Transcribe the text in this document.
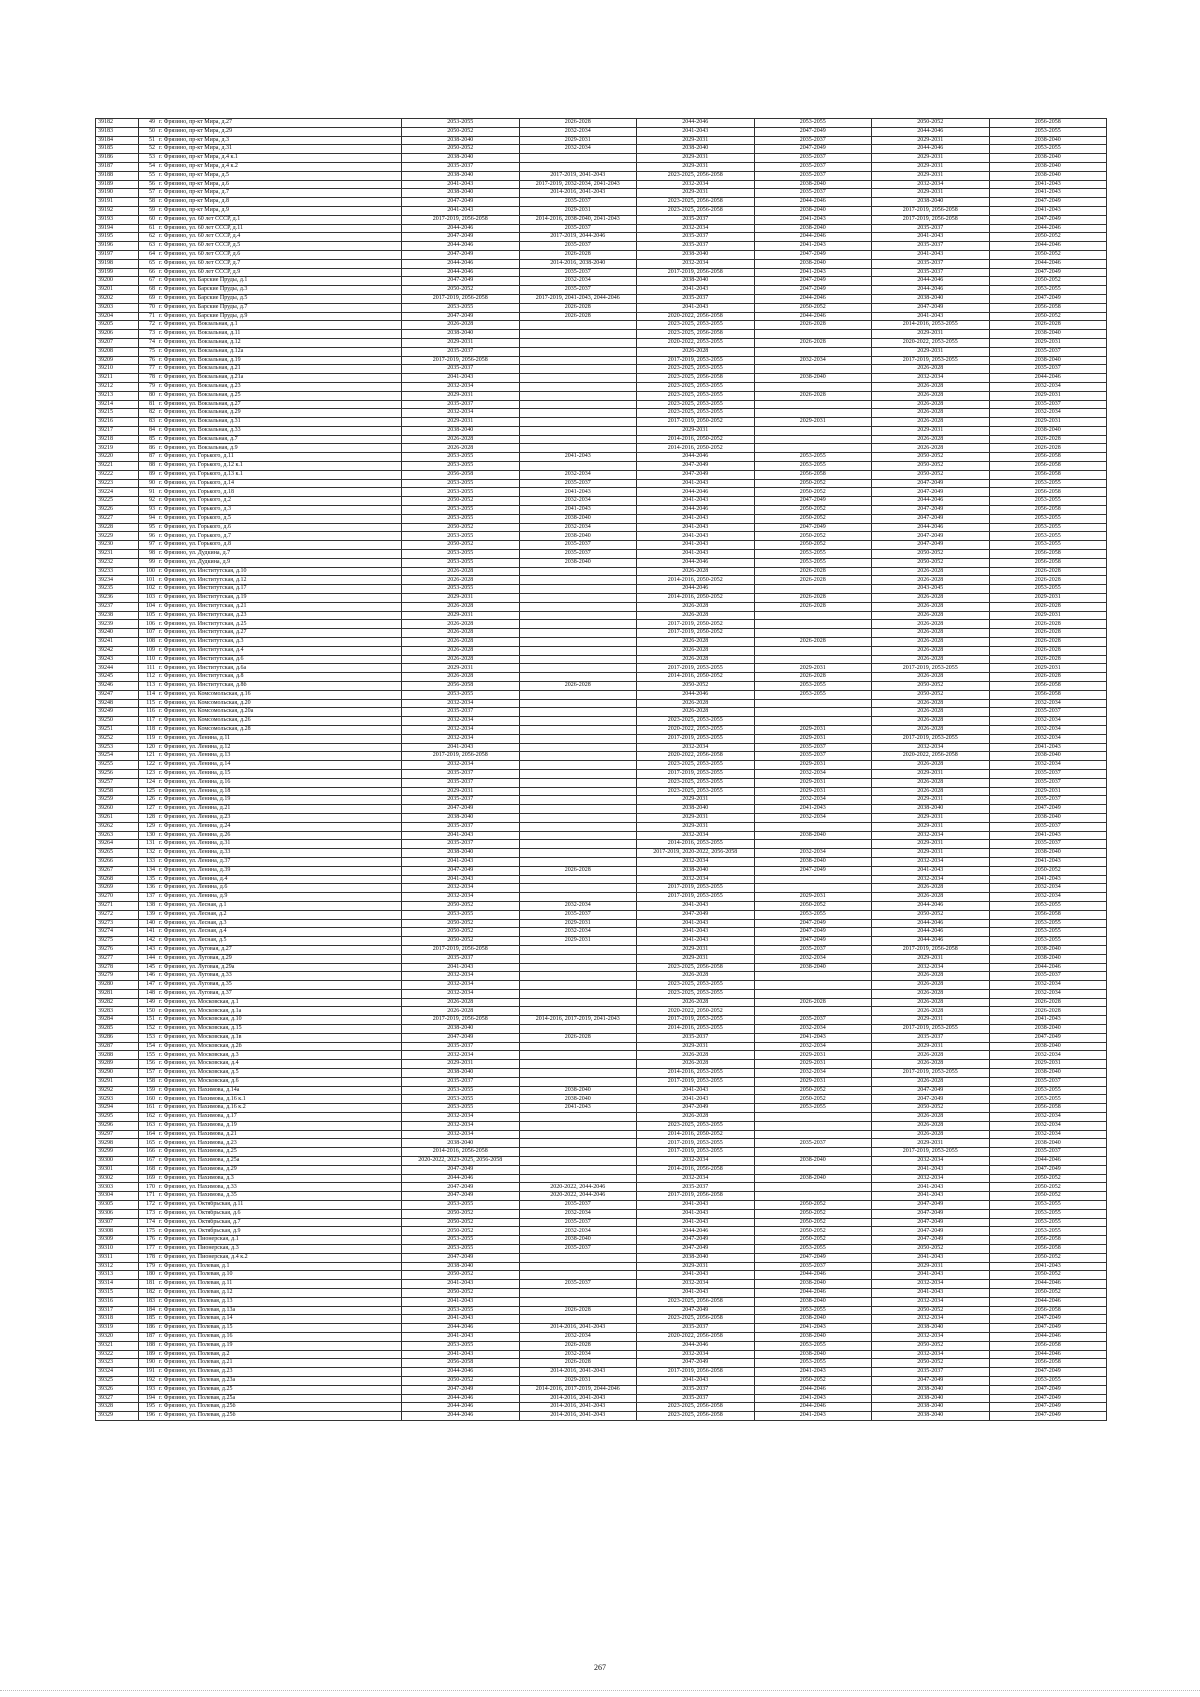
39182	49	г. Фрязино, пр-кт Мира, д.27	2053-2055	2026-2028	2044-2046	2053-2055	2050-2052	2056-2058
39183	50	г. Фрязино, пр-кт Мира, д.29	2050-2052	2032-2034	2041-2043	2047-2049	2044-2046	2053-2055
39184	51	г. Фрязино, пр-кт Мира, д.3	2038-2040	2029-2031	2029-2031	2035-2037	2029-2031	2038-2040
39185	52	г. Фрязино, пр-кт Мира, д.31	2050-2052	2032-2034	2038-2040	2047-2049	2044-2046	2053-2055
39186	53	г. Фрязино, пр-кт Мира, д.4 к.1	2038-2040		2029-2031	2035-2037	2029-2031	2038-2040
39187	54	г. Фрязино, пр-кт Мира, д.4 к.2	2035-2037		2029-2031	2035-2037	2029-2031	2038-2040
39188	55	г. Фрязино, пр-кт Мира, д.5	2038-2040	2017-2019, 2041-2043	2023-2025, 2056-2058	2035-2037	2029-2031	2038-2040
39189	56	г. Фрязино, пр-кт Мира, д.6	2041-2043	2017-2019, 2032-2034, 2041-2043	2032-2034	2038-2040	2032-2034	2041-2043
39190	57	г. Фрязино, пр-кт Мира, д.7	2038-2040	2014-2016, 2041-2043	2029-2031	2035-2037	2029-2031	2041-2043
39191	58	г. Фрязино, пр-кт Мира, д.8	2047-2049	2035-2037	2023-2025, 2056-2058	2044-2046	2038-2040	2047-2049
39192	59	г. Фрязино, пр-кт Мира, д.9	2041-2043	2029-2031	2023-2025, 2056-2058	2038-2040	2017-2019, 2056-2058	2041-2043
39193	60	г. Фрязино, ул. 60 лет СССР, д.1	2017-2019, 2056-2058	2014-2016, 2038-2040, 2041-2043	2035-2037	2041-2043	2017-2019, 2056-2058	2047-2049
39194	61	г. Фрязино, ул. 60 лет СССР, д.11	2044-2046	2035-2037	2032-2034	2038-2040	2035-2037	2044-2046
39195	62	г. Фрязино, ул. 60 лет СССР, д.4	2047-2049	2017-2019, 2044-2046	2035-2037	2044-2046	2041-2043	2050-2052
39196	63	г. Фрязино, ул. 60 лет СССР, д.5	2044-2046	2035-2037	2035-2037	2041-2043	2035-2037	2044-2046
39197	64	г. Фрязино, ул. 60 лет СССР, д.6	2047-2049	2026-2028	2038-2040	2047-2049	2041-2043	2050-2052
39198	65	г. Фрязино, ул. 60 лет СССР, д.7	2044-2046	2014-2016, 2038-2040	2032-2034	2038-2040	2035-2037	2044-2046
39199	66	г. Фрязино, ул. 60 лет СССР, д.9	2044-2046	2035-2037	2017-2019, 2056-2058	2041-2043	2035-2037	2047-2049
39200	67	г. Фрязино, ул. Барские Пруды, д.1	2047-2049	2032-2034	2038-2040	2047-2049	2044-2046	2050-2052
39201	68	г. Фрязино, ул. Барские Пруды, д.3	2050-2052	2035-2037	2041-2043	2047-2049	2044-2046	2053-2055
39202	69	г. Фрязино, ул. Барские Пруды, д.5	2017-2019, 2056-2058	2017-2019, 2041-2043, 2044-2046	2035-2037	2044-2046	2038-2040	2047-2049
39203	70	г. Фрязино, ул. Барские Пруды, д.7	2053-2055	2026-2028	2041-2043	2050-2052	2047-2049	2056-2058
39204	71	г. Фрязино, ул. Барские Пруды, д.9	2047-2049	2026-2028	2020-2022, 2056-2058	2044-2046	2041-2043	2050-2052
39205	72	г. Фрязино, ул. Вокзальная, д.1	2026-2028		2023-2025, 2053-2055	2026-2028	2014-2016, 2053-2055	2026-2028
39206	73	г. Фрязино, ул. Вокзальная, д.11	2038-2040		2023-2025, 2056-2058		2029-2031	2038-2040
39207	74	г. Фрязино, ул. Вокзальная, д.12	2029-2031		2020-2022, 2053-2055	2026-2028	2020-2022, 2053-2055	2029-2031
39208	75	г. Фрязино, ул. Вокзальная, д.12а	2035-2037		2026-2028		2029-2031	2035-2037
39209	76	г. Фрязино, ул. Вокзальная, д.19	2017-2019, 2056-2058		2017-2019, 2053-2055	2032-2034	2017-2019, 2053-2055	2038-2040
39210	77	г. Фрязино, ул. Вокзальная, д.21	2035-2037		2023-2025, 2053-2055		2026-2028	2035-2037
39211	78	г. Фрязино, ул. Вокзальная, д.21а	2041-2043		2023-2025, 2056-2058	2038-2040	2032-2034	2044-2046
39212	79	г. Фрязино, ул. Вокзальная, д.23	2032-2034		2023-2025, 2053-2055		2026-2028	2032-2034
39213	80	г. Фрязино, ул. Вокзальная, д.25	2029-2031		2023-2025, 2053-2055	2026-2028	2026-2028	2029-2031
39214	81	г. Фрязино, ул. Вокзальная, д.27	2035-2037		2023-2025, 2053-2055		2026-2028	2035-2037
39215	82	г. Фрязино, ул. Вокзальная, д.29	2032-2034		2023-2025, 2053-2055		2026-2028	2032-2034
39216	83	г. Фрязино, ул. Вокзальная, д.31	2029-2031		2017-2019, 2050-2052	2029-2031	2026-2028	2029-2031
39217	84	г. Фрязино, ул. Вокзальная, д.33	2038-2040		2029-2031		2029-2031	2038-2040
39218	85	г. Фрязино, ул. Вокзальная, д.7	2026-2028		2014-2016, 2050-2052		2026-2028	2026-2028
39219	86	г. Фрязино, ул. Вокзальная, д.9	2026-2028		2014-2016, 2050-2052		2026-2028	2026-2028
39220	87	г. Фрязино, ул. Горького, д.11	2053-2055	2041-2043	2044-2046	2053-2055	2050-2052	2056-2058
39221	88	г. Фрязино, ул. Горького, д.12 к.1	2053-2055		2047-2049	2053-2055	2050-2052	2056-2058
39222	89	г. Фрязино, ул. Горького, д.13 к.1	2056-2058	2032-2034	2047-2049	2056-2058	2050-2052	2056-2058
39223	90	г. Фрязино, ул. Горького, д.14	2053-2055	2035-2037	2041-2043	2050-2052	2047-2049	2053-2055
39224	91	г. Фрязино, ул. Горького, д.18	2053-2055	2041-2043	2044-2046	2050-2052	2047-2049	2056-2058
39225	92	г. Фрязино, ул. Горького, д.2	2050-2052	2032-2034	2041-2043	2047-2049	2044-2046	2053-2055
39226	93	г. Фрязино, ул. Горького, д.3	2053-2055	2041-2043	2044-2046	2050-2052	2047-2049	2056-2058
39227	94	г. Фрязино, ул. Горького, д.5	2053-2055	2038-2040	2041-2043	2050-2052	2047-2049	2053-2055
39228	95	г. Фрязино, ул. Горького, д.6	2050-2052	2032-2034	2041-2043	2047-2049	2044-2046	2053-2055
39229	96	г. Фрязино, ул. Горького, д.7	2053-2055	2038-2040	2041-2043	2050-2052	2047-2049	2053-2055
39230	97	г. Фрязино, ул. Горького, д.8	2050-2052	2035-2037	2041-2043	2050-2052	2047-2049	2053-2055
39231	98	г. Фрязино, ул. Дудкина, д.7	2053-2055	2035-2037	2041-2043	2053-2055	2050-2052	2056-2058
39232	99	г. Фрязино, ул. Дудкина, д.9	2053-2055	2038-2040	2044-2046	2053-2055	2050-2052	2056-2058
39233	100	г. Фрязино, ул. Институтская, д.10	2026-2028		2026-2028	2026-2028	2026-2028	2026-2028
39234	101	г. Фрязино, ул. Институтская, д.12	2026-2028		2014-2016, 2050-2052	2026-2028	2026-2028	2026-2028
39235	102	г. Фрязино, ул. Институтская, д.17	2053-2055		2044-2046		2043-2045	2053-2055
39236	103	г. Фрязино, ул. Институтская, д.19	2029-2031		2014-2016, 2050-2052	2026-2028	2026-2028	2029-2031
39237	104	г. Фрязино, ул. Институтская, д.21	2026-2028		2026-2028	2026-2028	2026-2028	2026-2028
39238	105	г. Фрязино, ул. Институтская, д.23	2029-2031		2026-2028		2026-2028	2029-2031
39239	106	г. Фрязино, ул. Институтская, д.25	2026-2028		2017-2019, 2050-2052		2026-2028	2026-2028
39240	107	г. Фрязино, ул. Институтская, д.27	2026-2028		2017-2019, 2050-2052		2026-2028	2026-2028
39241	108	г. Фрязино, ул. Институтская, д.3	2026-2028		2026-2028	2026-2028	2026-2028	2026-2028
39242	109	г. Фрязино, ул. Институтская, д.4	2026-2028		2026-2028		2026-2028	2026-2028
39243	110	г. Фрязино, ул. Институтская, д.6	2026-2028		2026-2028		2026-2028	2026-2028
39244	111	г. Фрязино, ул. Институтская, д.6а	2029-2031		2017-2019, 2053-2055	2029-2031	2017-2019, 2053-2055	2029-2031
39245	112	г. Фрязино, ул. Институтская, д.8	2026-2028		2014-2016, 2050-2052	2026-2028	2026-2028	2026-2028
39246	113	г. Фрязино, ул. Институтская, д.8б	2056-2058	2026-2028	2050-2052	2053-2055	2050-2052	2056-2058
39247	114	г. Фрязино, ул. Комсомольская, д.16	2053-2055		2044-2046	2053-2055	2050-2052	2056-2058
39248	115	г. Фрязино, ул. Комсомольская, д.20	2032-2034		2026-2028		2026-2028	2032-2034
39249	116	г. Фрязино, ул. Комсомольская, д.20а	2035-2037		2026-2028		2026-2028	2035-2037
39250	117	г. Фрязино, ул. Комсомольская, д.26	2032-2034		2023-2025, 2053-2055		2026-2028	2032-2034
39251	118	г. Фрязино, ул. Комсомольская, д.28	2032-2034		2020-2022, 2053-2055	2029-2031	2026-2028	2032-2034
39252	119	г. Фрязино, ул. Ленина, д.11	2032-2034		2017-2019, 2053-2055	2029-2031	2017-2019, 2053-2055	2032-2034
39253	120	г. Фрязино, ул. Ленина, д.12	2041-2043		2032-2034	2035-2037	2032-2034	2041-2043
39254	121	г. Фрязино, ул. Ленина, д.13	2017-2019, 2056-2058		2020-2022, 2056-2058	2035-2037	2020-2022, 2056-2058	2038-2040
39255	122	г. Фрязино, ул. Ленина, д.14	2032-2034		2023-2025, 2053-2055	2029-2031	2026-2028	2032-2034
39256	123	г. Фрязино, ул. Ленина, д.15	2035-2037		2017-2019, 2053-2055	2032-2034	2029-2031	2035-2037
39257	124	г. Фрязино, ул. Ленина, д.16	2035-2037		2023-2025, 2053-2055	2029-2031	2026-2028	2035-2037
39258	125	г. Фрязино, ул. Ленина, д.18	2029-2031		2023-2025, 2053-2055	2029-2031	2026-2028	2029-2031
39259	126	г. Фрязино, ул. Ленина, д.19	2035-2037		2029-2031	2032-2034	2029-2031	2035-2037
39260	127	г. Фрязино, ул. Ленина, д.21	2047-2049		2038-2040	2041-2043	2038-2040	2047-2049
39261	128	г. Фрязино, ул. Ленина, д.23	2038-2040		2029-2031	2032-2034	2029-2031	2038-2040
39262	129	г. Фрязино, ул. Ленина, д.24	2035-2037		2029-2031		2029-2031	2035-2037
39263	130	г. Фрязино, ул. Ленина, д.26	2041-2043		2032-2034	2038-2040	2032-2034	2041-2043
39264	131	г. Фрязино, ул. Ленина, д.31	2035-2037		2014-2016, 2053-2055		2029-2031	2035-2037
39265	132	г. Фрязино, ул. Ленина, д.33	2038-2040		2017-2019, 2020-2022, 2056-2058	2032-2034	2029-2031	2038-2040
39266	133	г. Фрязино, ул. Ленина, д.37	2041-2043		2032-2034	2038-2040	2032-2034	2041-2043
39267	134	г. Фрязино, ул. Ленина, д.39	2047-2049	2026-2028	2038-2040	2047-2049	2041-2043	2050-2052
39268	135	г. Фрязино, ул. Ленина, д.4	2041-2043		2032-2034		2032-2034	2041-2043
39269	136	г. Фрязино, ул. Ленина, д.6	2032-2034		2017-2019, 2053-2055		2026-2028	2032-2034
39270	137	г. Фрязино, ул. Ленина, д.9	2032-2034		2017-2019, 2053-2055	2029-2031	2026-2028	2032-2034
39271	138	г. Фрязино, ул. Лесная, д.1	2050-2052	2032-2034	2041-2043	2050-2052	2044-2046	2053-2055
39272	139	г. Фрязино, ул. Лесная, д.2	2053-2055	2035-2037	2047-2049	2053-2055	2050-2052	2056-2058
39273	140	г. Фрязино, ул. Лесная, д.3	2050-2052	2029-2031	2041-2043	2047-2049	2044-2046	2053-2055
39274	141	г. Фрязино, ул. Лесная, д.4	2050-2052	2032-2034	2041-2043	2047-2049	2044-2046	2053-2055
39275	142	г. Фрязино, ул. Лесная, д.5	2050-2052	2029-2031	2041-2043	2047-2049	2044-2046	2053-2055
39276	143	г. Фрязино, ул. Луговая, д.27	2017-2019, 2056-2058		2029-2031	2035-2037	2017-2019, 2056-2058	2038-2040
39277	144	г. Фрязино, ул. Луговая, д.29	2035-2037		2029-2031	2032-2034	2029-2031	2038-2040
39278	145	г. Фрязино, ул. Луговая, д.29а	2041-2043		2023-2025, 2056-2058	2038-2040	2032-2034	2044-2046
39279	146	г. Фрязино, ул. Луговая, д.33	2032-2034		2026-2028		2026-2028	2035-2037
39280	147	г. Фрязино, ул. Луговая, д.35	2032-2034		2023-2025, 2053-2055		2026-2028	2032-2034
39281	148	г. Фрязино, ул. Луговая, д.37	2032-2034		2023-2025, 2053-2055		2026-2028	2032-2034
39282	149	г. Фрязино, ул. Московская, д.1	2026-2028		2026-2028	2026-2028	2026-2028	2026-2028
39283	150	г. Фрязино, ул. Московская, д.1а	2026-2028		2020-2022, 2050-2052		2026-2028	2026-2028
39284	151	г. Фрязино, ул. Московская, д.10	2017-2019, 2056-2058	2014-2016, 2017-2019, 2041-2043	2017-2019, 2053-2055	2035-2037	2029-2031	2041-2043
39285	152	г. Фрязино, ул. Московская, д.15	2038-2040		2014-2016, 2053-2055	2032-2034	2017-2019, 2053-2055	2038-2040
39286	153	г. Фрязино, ул. Московская, д.1в	2047-2049	2026-2028	2035-2037	2041-2043	2035-2037	2047-2049
39287	154	г. Фрязино, ул. Московская, д.2б	2035-2037		2029-2031	2032-2034	2029-2031	2038-2040
39288	155	г. Фрязино, ул. Московская, д.3	2032-2034		2026-2028	2029-2031	2026-2028	2032-2034
39289	156	г. Фрязино, ул. Московская, д.4	2029-2031		2026-2028	2029-2031	2026-2028	2029-2031
39290	157	г. Фрязино, ул. Московская, д.5	2038-2040		2014-2016, 2053-2055	2032-2034	2017-2019, 2053-2055	2038-2040
39291	158	г. Фрязино, ул. Московская, д.6	2035-2037		2017-2019, 2053-2055	2029-2031	2026-2028	2035-2037
39292	159	г. Фрязино, ул. Нахимова, д.14а	2053-2055	2038-2040	2041-2043	2050-2052	2047-2049	2053-2055
39293	160	г. Фрязино, ул. Нахимова, д.16 к.1	2053-2055	2038-2040	2041-2043	2050-2052	2047-2049	2053-2055
39294	161	г. Фрязино, ул. Нахимова, д.16 к.2	2053-2055	2041-2043	2047-2049	2053-2055	2050-2052	2056-2058
39295	162	г. Фрязино, ул. Нахимова, д.17	2032-2034		2026-2028		2026-2028	2032-2034
39296	163	г. Фрязино, ул. Нахимова, д.19	2032-2034		2023-2025, 2053-2055		2026-2028	2032-2034
39297	164	г. Фрязино, ул. Нахимова, д.21	2032-2034		2014-2016, 2050-2052		2026-2028	2032-2034
39298	165	г. Фрязино, ул. Нахимова, д.23	2038-2040		2017-2019, 2053-2055	2035-2037	2029-2031	2038-2040
39299	166	г. Фрязино, ул. Нахимова, д.25	2014-2016, 2056-2058		2017-2019, 2053-2055		2017-2019, 2053-2055	2035-2037
39300	167	г. Фрязино, ул. Нахимова, д.25а	2020-2022, 2023-2025, 2056-2058		2032-2034	2038-2040	2032-2034	2044-2046
39301	168	г. Фрязино, ул. Нахимова, д.29	2047-2049		2014-2016, 2056-2058		2041-2043	2047-2049
39302	169	г. Фрязино, ул. Нахимова, д.3	2044-2046		2032-2034	2038-2040	2032-2034	2050-2052
39303	170	г. Фрязино, ул. Нахимова, д.33	2047-2049	2020-2022, 2044-2046	2035-2037		2041-2043	2050-2052
39304	171	г. Фрязино, ул. Нахимова, д.35	2047-2049	2020-2022, 2044-2046	2017-2019, 2056-2058		2041-2043	2050-2052
39305	172	г. Фрязино, ул. Октябрьская, д.11	2053-2055	2035-2037	2041-2043	2050-2052	2047-2049	2053-2055
39306	173	г. Фрязино, ул. Октябрьская, д.6	2050-2052	2032-2034	2041-2043	2050-2052	2047-2049	2053-2055
39307	174	г. Фрязино, ул. Октябрьская, д.7	2050-2052	2035-2037	2041-2043	2050-2052	2047-2049	2053-2055
39308	175	г. Фрязино, ул. Октябрьская, д.9	2050-2052	2032-2034	2044-2046	2050-2052	2047-2049	2053-2055
39309	176	г. Фрязино, ул. Пионерская, д.1	2053-2055	2038-2040	2047-2049	2050-2052	2047-2049	2056-2058
39310	177	г. Фрязино, ул. Пионерская, д.3	2053-2055	2035-2037	2047-2049	2053-2055	2050-2052	2056-2058
39311	178	г. Фрязино, ул. Пионерская, д.4 к.2	2047-2049		2038-2040	2047-2049	2041-2043	2050-2052
39312	179	г. Фрязино, ул. Полевая, д.1	2038-2040		2029-2031	2035-2037	2029-2031	2041-2043
39313	180	г. Фрязино, ул. Полевая, д.10	2050-2052		2041-2043	2044-2046	2041-2043	2050-2052
39314	181	г. Фрязино, ул. Полевая, д.11	2041-2043	2035-2037	2032-2034	2038-2040	2032-2034	2044-2046
39315	182	г. Фрязино, ул. Полевая, д.12	2050-2052		2041-2043	2044-2046	2041-2043	2050-2052
39316	183	г. Фрязино, ул. Полевая, д.13	2041-2043		2023-2025, 2056-2058	2038-2040	2032-2034	2044-2046
39317	184	г. Фрязино, ул. Полевая, д.13а	2053-2055	2026-2028	2047-2049	2053-2055	2050-2052	2056-2058
39318	185	г. Фрязино, ул. Полевая, д.14	2041-2043		2023-2025, 2056-2058	2038-2040	2032-2034	2047-2049
39319	186	г. Фрязино, ул. Полевая, д.15	2044-2046	2014-2016, 2041-2043	2035-2037	2041-2043	2038-2040	2047-2049
39320	187	г. Фрязино, ул. Полевая, д.16	2041-2043	2032-2034	2020-2022, 2056-2058	2038-2040	2032-2034	2044-2046
39321	188	г. Фрязино, ул. Полевая, д.19	2053-2055	2026-2028	2044-2046	2053-2055	2050-2052	2056-2058
39322	189	г. Фрязино, ул. Полевая, д.2	2041-2043	2032-2034	2032-2034	2038-2040	2032-2034	2044-2046
39323	190	г. Фрязино, ул. Полевая, д.21	2056-2058	2026-2028	2047-2049	2053-2055	2050-2052	2056-2058
39324	191	г. Фрязино, ул. Полевая, д.23	2044-2046	2014-2016, 2041-2043	2017-2019, 2056-2058	2041-2043	2035-2037	2047-2049
39325	192	г. Фрязино, ул. Полевая, д.23а	2050-2052	2029-2031	2041-2043	2050-2052	2047-2049	2053-2055
39326	193	г. Фрязино, ул. Полевая, д.25	2047-2049	2014-2016, 2017-2019, 2044-2046	2035-2037	2044-2046	2038-2040	2047-2049
39327	194	г. Фрязино, ул. Полевая, д.25а	2044-2046	2014-2016, 2041-2043	2035-2037	2041-2043	2038-2040	2047-2049
39328	195	г. Фрязино, ул. Полевая, д.25б	2044-2046	2014-2016, 2041-2043	2023-2025, 2056-2058	2044-2046	2038-2040	2047-2049
39329	196	г. Фрязино, ул. Полевая, д.25б	2044-2046	2014-2016, 2041-2043	2023-2025, 2056-2058	2041-2043	2038-2040	2047-2049
267
